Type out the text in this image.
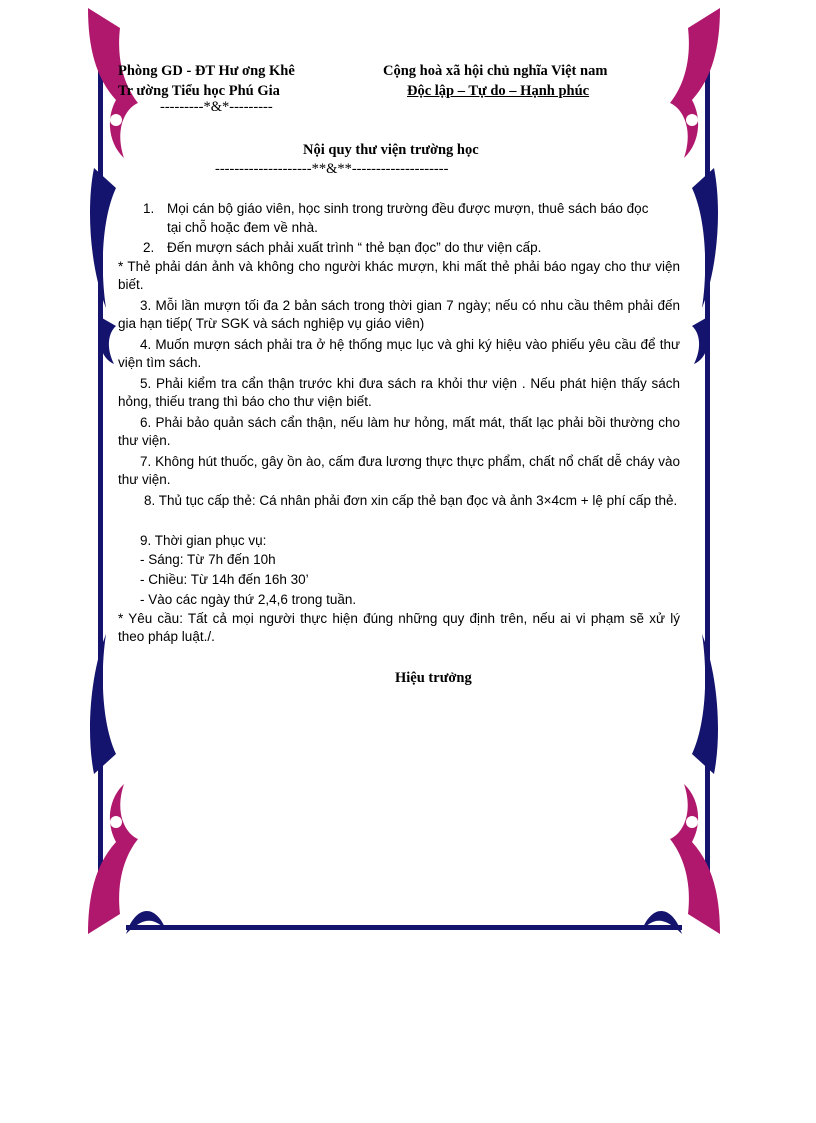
Phòng GD - ĐT Hư ơng Khê
Tr ường Tiểu học Phú Gia
---------*&*---------
Cộng hoà xã hội chủ nghĩa Việt nam
Độc lập – Tự do – Hạnh phúc
Nội quy thư viện trường học
--------------------**&**--------------------
1. Mọi cán bộ giáo viên, học sinh trong trường đều được mượn, thuê sách báo đọc
tại chỗ hoặc đem về nhà.
2. Đến mượn sách phải xuất trình “ thẻ bạn đọc” do thư viện cấp.
* Thẻ phải dán ảnh và không cho người khác mượn, khi mất thẻ phải báo ngay cho thư viện biết.
3. Mỗi lần mượn tối đa 2 bản sách trong thời gian 7 ngày; nếu có nhu cầu thêm phải đến gia hạn tiếp( Trừ SGK và sách nghiệp vụ giáo viên)
4. Muốn mượn sách phải tra ở hệ thống mục lục và ghi ký hiệu vào phiếu yêu cầu để thư viện tìm sách.
5. Phải kiểm tra cẩn thận trước khi đưa sách ra khỏi thư viện . Nếu phát hiện thấy sách hỏng, thiếu trang thì báo cho thư viện biết.
6. Phải bảo quản sách cẩn thận, nếu làm hư hỏng, mất mát, thất lạc phải bồi thường cho thư viện.
7. Không hút thuốc, gây ồn ào, cấm đưa lương thực thực phẩm, chất nổ chất dễ cháy vào thư viện.
8. Thủ tục cấp thẻ: Cá nhân phải đơn xin cấp thẻ bạn đọc và ảnh 3×4cm + lệ phí cấp thẻ.
9. Thời gian phục vụ:
- Sáng: Từ 7h đến 10h
- Chiều: Từ 14h đến 16h 30’
- Vào các ngày thứ 2,4,6 trong tuần.
* Yêu cầu: Tất cả mọi người thực hiện đúng những quy định trên, nếu ai vi phạm sẽ xử lý theo pháp luật./.
Hiệu trưởng
